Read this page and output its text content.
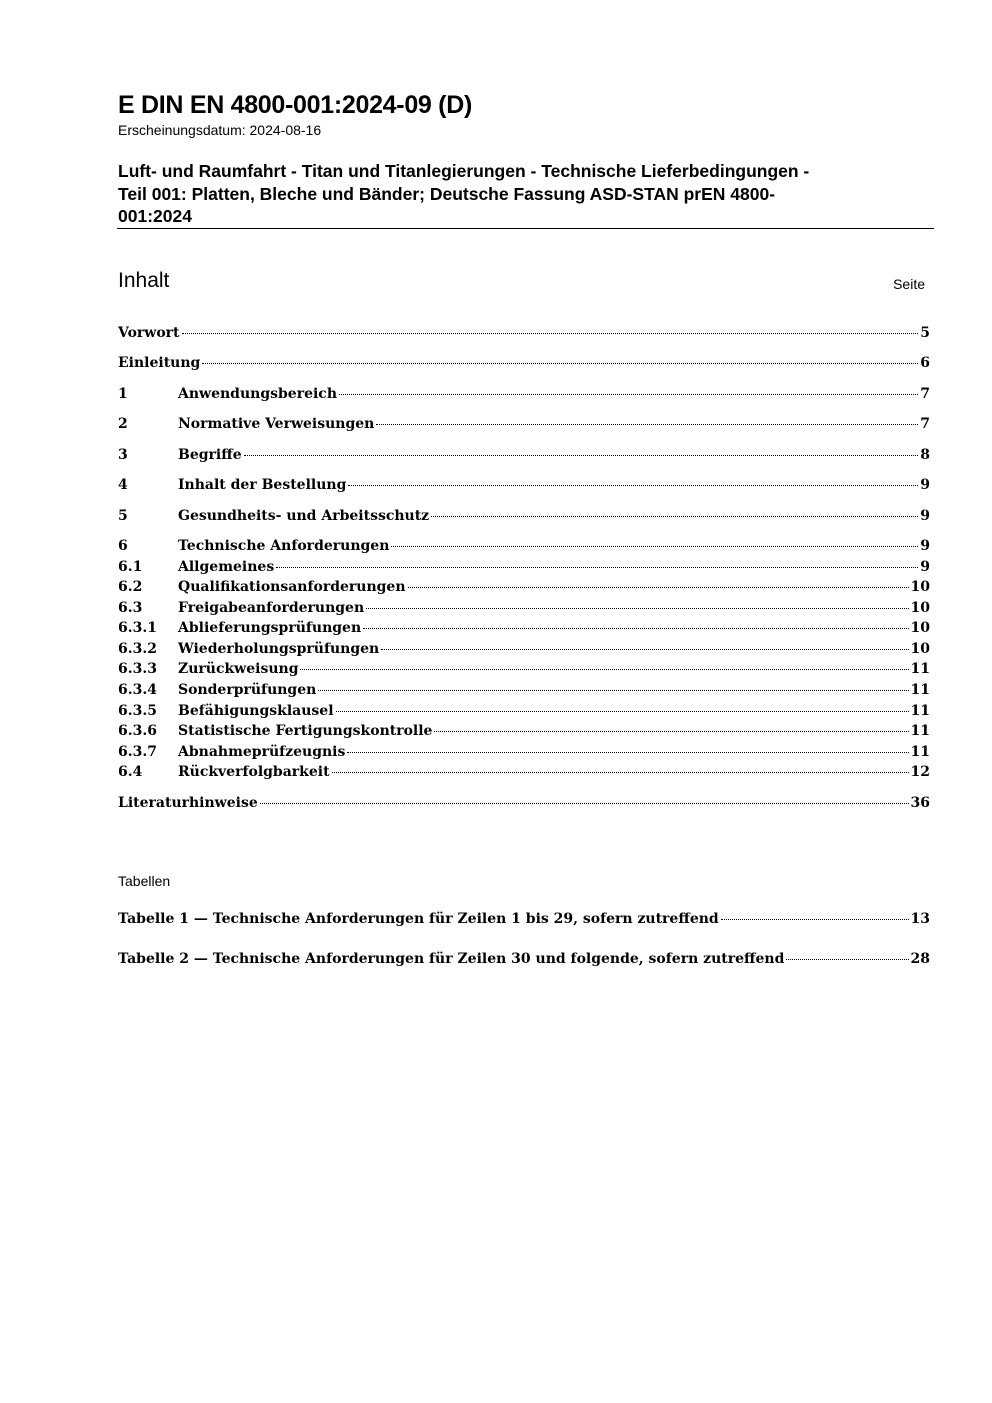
E DIN EN 4800-001:2024-09 (D)
Erscheinungsdatum: 2024-08-16
Luft- und Raumfahrt - Titan und Titanlegierungen - Technische Lieferbedingungen -
Teil 001: Platten, Bleche und Bänder; Deutsche Fassung ASD-STAN prEN 4800-
001:2024
Inhalt	Seite
Vorwort	5
Einleitung	6
1	Anwendungsbereich	7
2	Normative Verweisungen	7
3	Begriffe	8
4	Inhalt der Bestellung	9
5	Gesundheits- und Arbeitsschutz	9
6	Technische Anforderungen	9
6.1	Allgemeines	9
6.2	Qualifikationsanforderungen	10
6.3	Freigabeanforderungen	10
6.3.1	Ablieferungsprüfungen	10
6.3.2	Wiederholungsprüfungen	10
6.3.3	Zurückweisung	11
6.3.4	Sonderprüfungen	11
6.3.5	Befähigungsklausel	11
6.3.6	Statistische Fertigungskontrolle	11
6.3.7	Abnahmeprüfzeugnis	11
6.4	Rückverfolgbarkeit	12
Literaturhinweise	36
Tabellen
Tabelle 1 — Technische Anforderungen für Zeilen 1 bis 29, sofern zutreffend	13
Tabelle 2 — Technische Anforderungen für Zeilen 30 und folgende, sofern zutreffend	28
